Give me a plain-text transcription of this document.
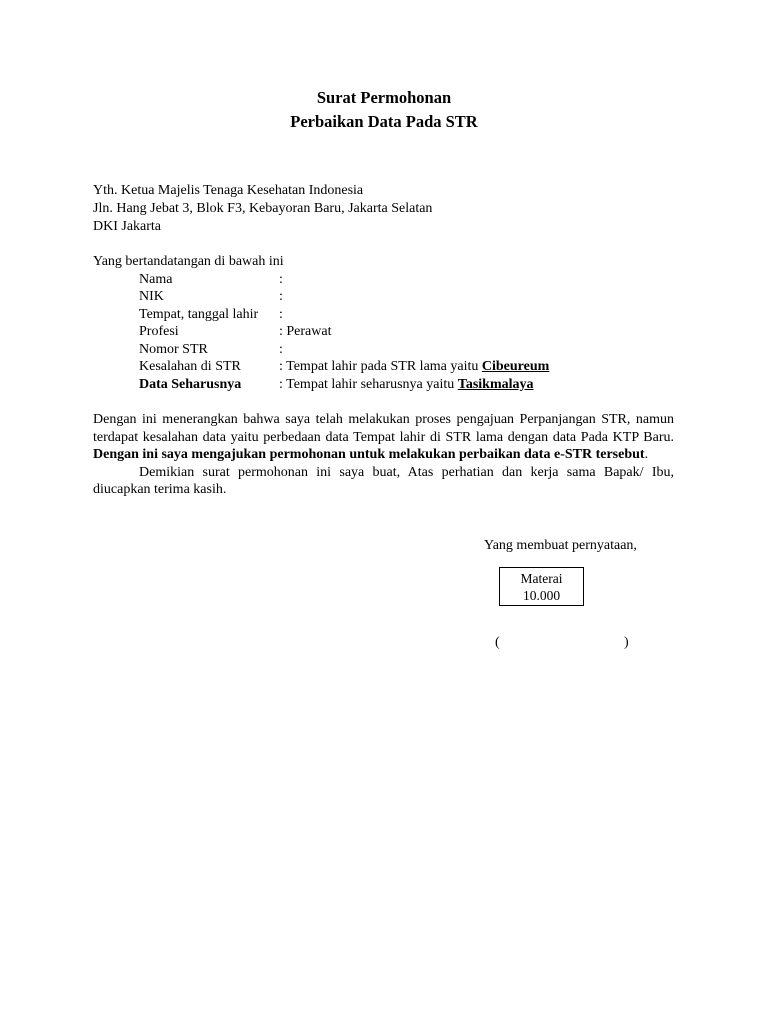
Surat Permohonan
Perbaikan Data Pada STR
Yth. Ketua Majelis Tenaga Kesehatan Indonesia
Jln. Hang Jebat 3, Blok F3, Kebayoran Baru, Jakarta Selatan
DKI Jakarta
Yang bertandatangan di bawah ini
Nama	:
NIK	:
Tempat, tanggal lahir :
Profesi	: Perawat
Nomor STR	:
Kesalahan di STR	: Tempat lahir pada STR lama yaitu Cibeureum
Data Seharusnya	: Tempat lahir seharusnya yaitu Tasikmalaya

Dengan ini menerangkan bahwa saya telah melakukan proses pengajuan Perpanjangan STR, namun terdapat kesalahan data yaitu perbedaan data Tempat lahir di STR lama dengan data Pada KTP Baru. Dengan ini saya mengajukan permohonan untuk melakukan perbaikan data e-STR tersebut.

Demikian surat permohonan ini saya buat, Atas perhatian dan kerja sama Bapak/ Ibu, diucapkan terima kasih.

Yang membuat pernyataan,
Materai
10.000
(	)
